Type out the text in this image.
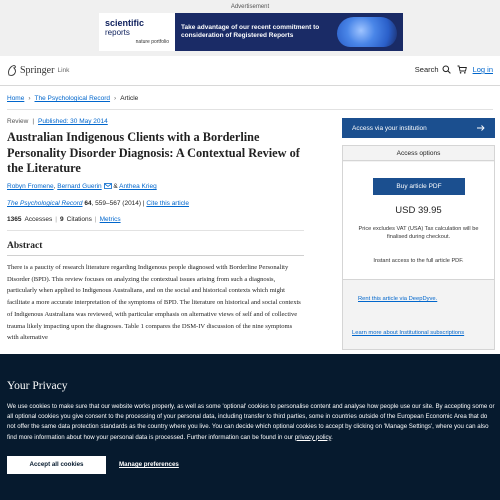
Advertisement
scientific
reports
nature portfolio
Take advantage of our recent commitment to consideration of Registered Reports
Springer Link	Search	Log in
Home › The Psychological Record › Article
Review | Published: 30 May 2014
Australian Indigenous Clients with a Borderline Personality Disorder Diagnosis: A Contextual Review of the Literature
Robyn Fromene, Bernard Guerin & Anthea Krieg
The Psychological Record 64, 559–567 (2014) | Cite this article
1365 Accesses | 9 Citations | Metrics
Abstract
There is a paucity of research literature regarding Indigenous people diagnosed with Borderline Personality Disorder (BPD). This review focuses on analyzing the contextual issues arising from such a diagnosis, particularly when applied to Indigenous Australians, and on the social and historical contexts which might facilitate a more accurate interpretation of the symptoms of BPD. The literature on historical and social contexts of Indigenous Australians was reviewed, with particular emphasis on alternative views of self and of collective trauma likely impacting upon the diagnoses. Table 1 compares the DSM-IV discussion of the nine symptoms with alternative
Access via your institution
Access options
Buy article PDF
USD 39.95
Price excludes VAT (USA) Tax calculation will be finalised during checkout.
Instant access to the full article PDF.
Rent this article via DeepDyve.
Learn more about Institutional subscriptions
Your Privacy

We use cookies to make sure that our website works properly, as well as some 'optional' cookies to personalise content and analyse how people use our site. By accepting some or all optional cookies you give consent to the processing of your personal data, including transfer to third parties, some in countries outside of the European Economic Area that do not offer the same data protection standards as the country where you live. You can decide which optional cookies to accept by clicking on 'Manage Settings', where you can also find more information about how your personal data is processed. Further information can be found in our privacy policy.

Accept all cookies	Manage preferences
